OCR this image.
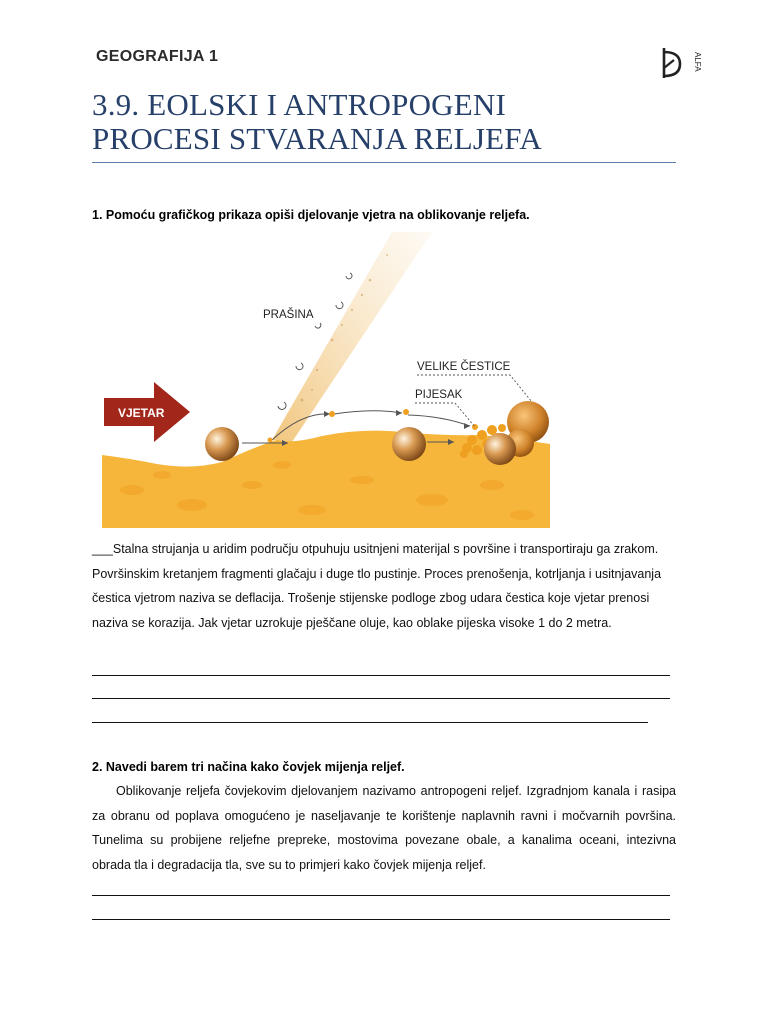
GEOGRAFIJA 1	ALFA
3.9. EOLSKI I ANTROPOGENI
PROCESI STVARANJA RELJEFA
1. Pomoću grafičkog prikaza opiši djelovanje vjetra na oblikovanje reljefa.
PRAŠINA
VELIKE ČESTICE
PIJESAK
VJETAR
___Stalna strujanja u aridim području otpuhuju usitnjeni materijal s površine i transportiraju ga zrakom. Površinskim kretanjem fragmenti glačaju i duge tlo pustinje. Proces prenošenja, kotrljanja i usitnjavanja čestica vjetrom naziva se deflacija. Trošenje stijenske podloge zbog udara čestica koje vjetar prenosi naziva se korazija. Jak vjetar uzrokuje pješčane oluje, kao oblake pijeska visoke 1 do 2 metra.
2. Navedi barem tri načina kako čovjek mijenja reljef.
Oblikovanje reljefa čovjekovim djelovanjem nazivamo antropogeni reljef. Izgradnjom kanala i rasipa za obranu od poplava omogućeno je naseljavanje te korištenje naplavnih ravni i močvarnih površina. Tunelima su probijene reljefne prepreke, mostovima povezane obale, a kanalima oceani, intezivna obrada tla i degradacija tla, sve su to primjeri kako čovjek mijenja reljef.
